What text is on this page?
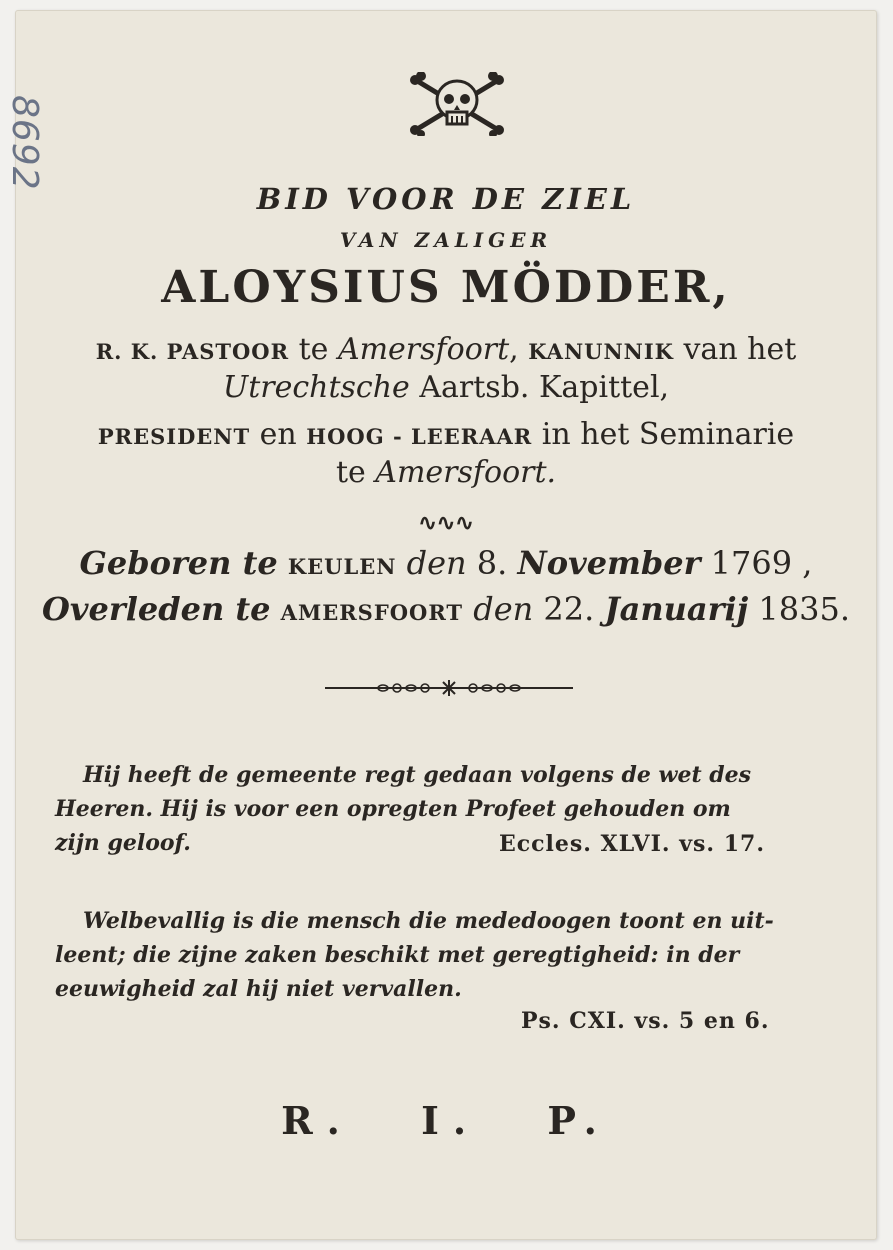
8692
BID VOOR DE ZIEL
VAN ZALIGER
ALOYSIUS MÖDDER,
R. K. PASTOOR te Amersfoort, KANUNNIK van het
Utrechtsche Aartsb. Kapittel,
PRESIDENT en HOOG - LEERAAR in het Seminarie
te Amersfoort.
∿∿∿
Geboren te KEULEN den 8. November 1769 ,
Overleden te AMERSFOORT den 22. Januarij 1835.
Hij heeft de gemeente regt gedaan volgens de wet des
Heeren. Hij is voor een opregten Profeet gehouden om
zijn geloof.	Eccles. XLVI. vs. 17.
Welbevallig is die mensch die mededoogen toont en uit-
leent; die zijne zaken beschikt met geregtigheid: in der
eeuwigheid zal hij niet vervallen.
Ps. CXI. vs. 5 en 6.
R. I. P.
